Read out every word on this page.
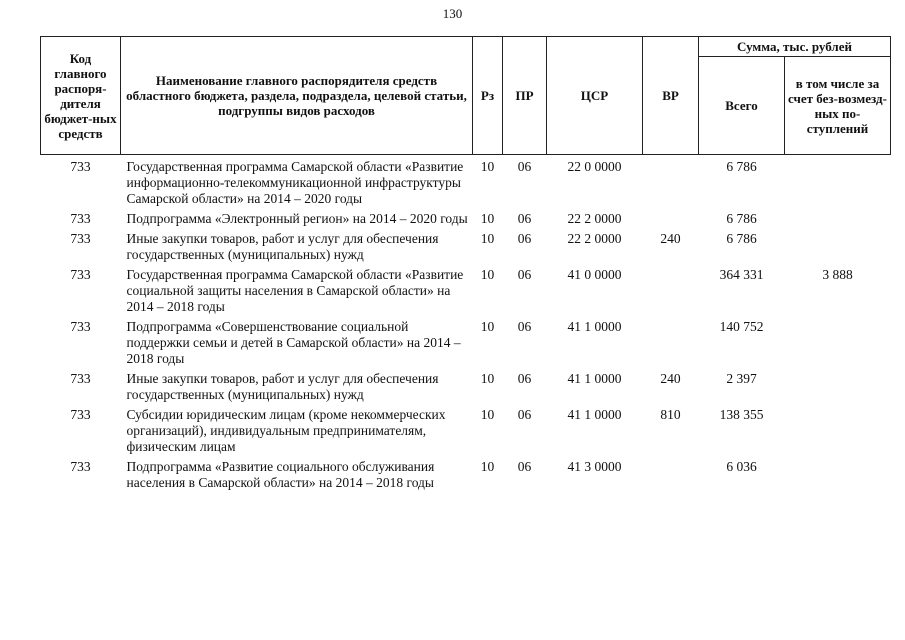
130
Код главного распоря-дителя бюджет-ных средств	Наименование главного распорядителя средств областного бюджета, раздела, подраздела, целевой статьи, подгруппы видов расходов	Рз	ПР	ЦСР	ВР	Сумма, тыс. рублей	
						Всего	в том числе за счет без-возмезд-ных по-ступлений
733	Государственная программа Самарской области «Развитие информационно-телекоммуникационной инфраструктуры Самарской области» на 2014 – 2020 годы	10	06	22 0 0000		6 786	
733	Подпрограмма «Электронный регион» на 2014 – 2020 годы	10	06	22 2 0000		6 786	
733	Иные закупки товаров, работ и услуг для обеспечения государственных (муниципальных) нужд	10	06	22 2 0000	240	6 786	
733	Государственная программа Самарской области «Развитие социальной защиты населения в Самарской области» на 2014 – 2018 годы	10	06	41 0 0000		364 331	3 888
733	Подпрограмма «Совершенствование социальной поддержки семьи и детей в Самарской области» на 2014 – 2018 годы	10	06	41 1 0000		140 752	
733	Иные закупки товаров, работ и услуг для обеспечения государственных (муниципальных) нужд	10	06	41 1 0000	240	2 397	
733	Субсидии юридическим лицам (кроме некоммерческих организаций), индивидуальным предпринимателям, физическим лицам	10	06	41 1 0000	810	138 355	
733	Подпрограмма «Развитие социального обслуживания населения в Самарской области» на 2014 – 2018 годы	10	06	41 3 0000		6 036	
